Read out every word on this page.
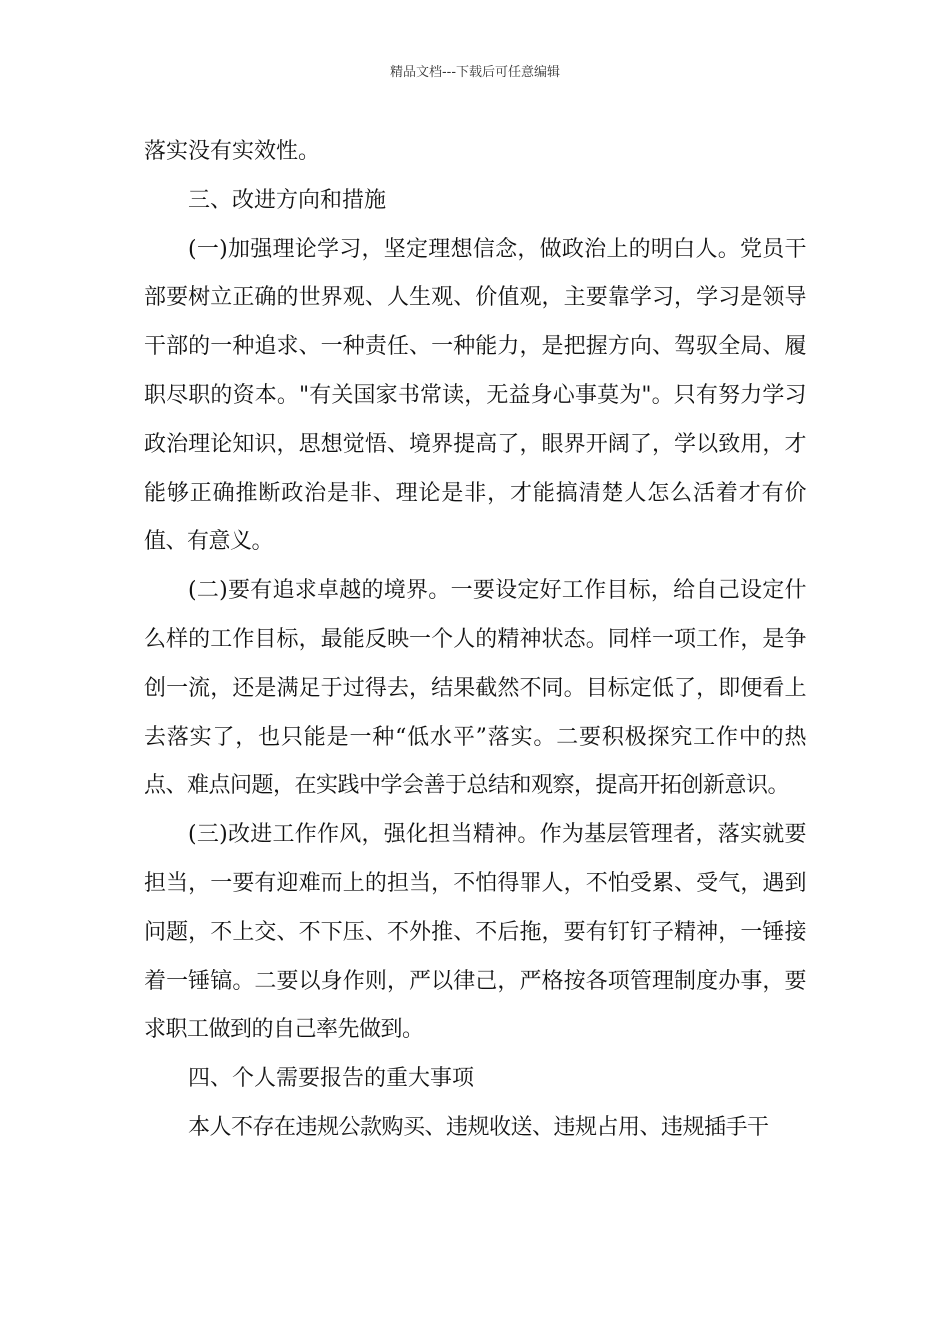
精品文档---下载后可任意编辑

落实没有实效性。

三、改进方向和措施

(一)加强理论学习，坚定理想信念，做政治上的明白人。党员干部要树立正确的世界观、人生观、价值观，主要靠学习，学习是领导干部的一种追求、一种责任、一种能力，是把握方向、驾驭全局、履职尽职的资本。"有关国家书常读，无益身心事莫为"。只有努力学习政治理论知识，思想觉悟、境界提高了，眼界开阔了，学以致用，才能够正确推断政治是非、理论是非，才能搞清楚人怎么活着才有价值、有意义。

(二)要有追求卓越的境界。一要设定好工作目标，给自己设定什么样的工作目标，最能反映一个人的精神状态。同样一项工作，是争创一流，还是满足于过得去，结果截然不同。目标定低了，即便看上去落实了，也只能是一种“低水平”落实。二要积极探究工作中的热点、难点问题，在实践中学会善于总结和观察，提高开拓创新意识。

(三)改进工作作风，强化担当精神。作为基层管理者，落实就要担当，一要有迎难而上的担当，不怕得罪人，不怕受累、受气，遇到问题，不上交、不下压、不外推、不后拖，要有钉钉子精神，一锤接着一锤镐。二要以身作则，严以律己，严格按各项管理制度办事，要求职工做到的自己率先做到。

四、个人需要报告的重大事项

本人不存在违规公款购买、违规收送、违规占用、违规插手干
